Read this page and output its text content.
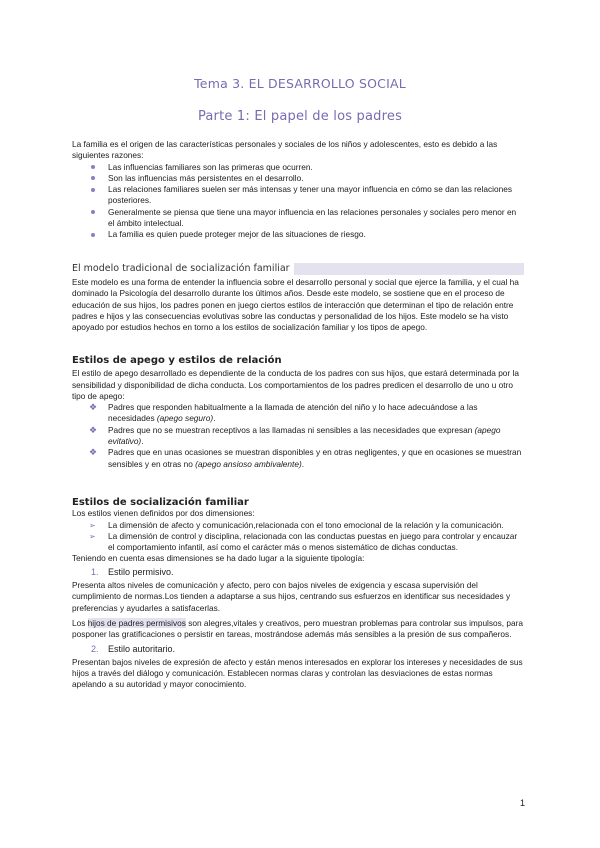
Tema 3. EL DESARROLLO SOCIAL
Parte 1: El papel de los padres

La familia es el origen de las características personales y sociales de los niños y adolescentes, esto es debido a las siguientes razones:

Las influencias familiares son las primeras que ocurren.
Son las influencias más persistentes en el desarrollo.
Las relaciones familiares suelen ser más intensas y tener una mayor influencia en cómo se dan las relaciones posteriores.
Generalmente se piensa que tiene una mayor influencia en las relaciones personales y sociales pero menor en el ámbito intelectual.
La familia es quien puede proteger mejor de las situaciones de riesgo.
El modelo tradicional de socialización familiar

Este modelo es una forma de entender la influencia sobre el desarrollo personal y social que ejerce la familia, y el cual ha dominado la Psicología del desarrollo durante los últimos años. Desde este modelo, se sostiene que en el proceso de educación de sus hijos, los padres ponen en juego ciertos estilos de interacción que determinan el tipo de relación entre padres e hijos y las consecuencias evolutivas sobre las conductas y personalidad de los hijos. Este modelo se ha visto apoyado por estudios hechos en torno a los estilos de socialización familiar y los tipos de apego.

Estilos de apego y estilos de relación

El estilo de apego desarrollado es dependiente de la conducta de los padres con sus hijos, que estará determinada por la sensibilidad y disponibilidad de dicha conducta. Los comportamientos de los padres predicen el desarrollo de uno u otro tipo de apego:

❖ Padres que responden habitualmente a la llamada de atención del niño y lo hace adecuándose a las necesidades (apego seguro).
❖ Padres que no se muestran receptivos a las llamadas ni sensibles a las necesidades que expresan (apego evitativo).
❖ Padres que en unas ocasiones se muestran disponibles y en otras negligentes, y que en ocasiones se muestran sensibles y en otras no (apego ansioso ambivalente).
Estilos de socialización familiar

Los estilos vienen definidos por dos dimensiones:

➢ La dimensión de afecto y comunicación,relacionada con el tono emocional de la relación y la comunicación.
➢ La dimensión de control y disciplina, relacionada con las conductas puestas en juego para controlar y encauzar el comportamiento infantil, así como el carácter más o menos sistemático de dichas conductas.

Teniendo en cuenta esas dimensiones se ha dado lugar a la siguiente tipología:

1. Estilo permisivo.

Presenta altos niveles de comunicación y afecto, pero con bajos niveles de exigencia y escasa supervisión del cumplimiento de normas.Los tienden a adaptarse a sus hijos, centrando sus esfuerzos en identificar sus necesidades y preferencias y ayudarles a satisfacerlas.

Los hijos de padres permisivos son alegres,vitales y creativos, pero muestran problemas para controlar sus impulsos, para posponer las gratificaciones o persistir en tareas, mostrándose además más sensibles a la presión de sus compañeros.

2. Estilo autoritario.

Presentan bajos niveles de expresión de afecto y están menos interesados en explorar los intereses y necesidades de sus hijos a través del diálogo y comunicación. Establecen normas claras y controlan las desviaciones de estas normas apelando a su autoridad y mayor conocimiento.

1
